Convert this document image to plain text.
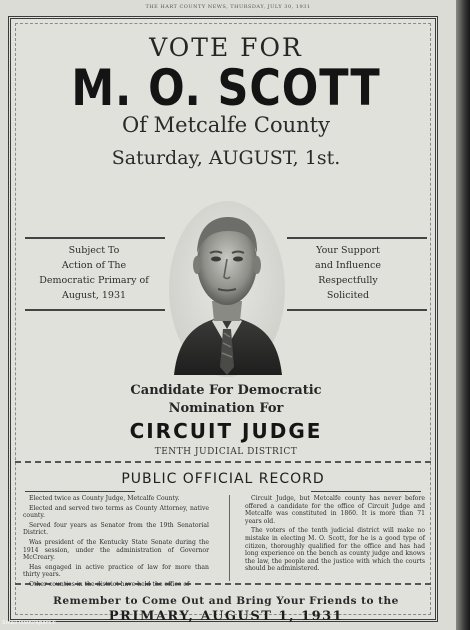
THE HART COUNTY NEWS, THURSDAY, JULY 30, 1931
VOTE FOR
M. O. SCOTT
Of Metcalfe County
Saturday, AUGUST, 1st.
Subject To
Action of The
Democratic Primary of
August, 1931
Your Support
and Influence
Respectfully
Solicited
Candidate For Democratic
Nomination For
CIRCUIT JUDGE
TENTH JUDICIAL DISTRICT
PUBLIC OFFICIAL RECORD

Elected twice as County Judge, Metcalfe County.

Elected and served two terms as County Attorney, native county.

Served four years as Senator from the 19th Senatorial District.

Was president of the Kentucky State Senate during the 1914 session, under the administration of Governor McCreary.

Has engaged in active practice of law for more than thirty years.

Other counties in the district have held the office of

Circuit Judge, but Metcalfe county has never before offered a candidate for the office of Circuit Judge and Metcalfe was constituted in 1860. It is more than 71 years old.

The voters of the tenth judicial district will make no mistake in electing M. O. Scott, for he is a good type of citizen, thoroughly qualified for the office and has had long experience on the bench as county judge and knows the law, the people and the justice with which the courts should be administered.

Remember to Come Out and Bring Your Friends to the
PRIMARY, AUGUST 1, 1931
SmallTownPapers®
